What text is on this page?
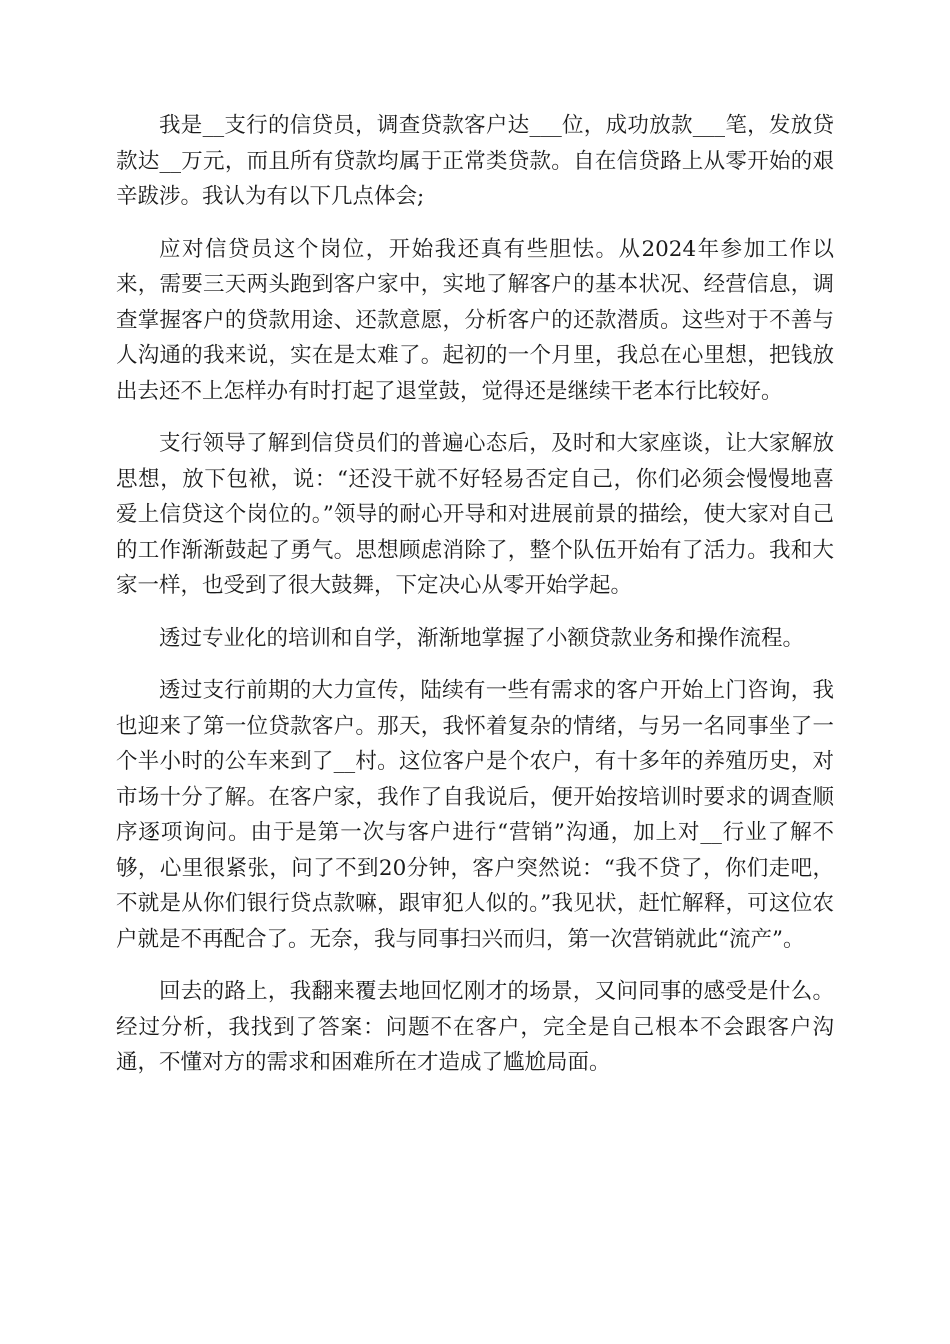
我是__支行的信贷员，调查贷款客户达___位，成功放款___笔，发放贷款达__万元，而且所有贷款均属于正常类贷款。自在信贷路上从零开始的艰辛跋涉。我认为有以下几点体会;

应对信贷员这个岗位，开始我还真有些胆怯。从2024年参加工作以来，需要三天两头跑到客户家中，实地了解客户的基本状况、经营信息，调查掌握客户的贷款用途、还款意愿，分析客户的还款潜质。这些对于不善与人沟通的我来说，实在是太难了。起初的一个月里，我总在心里想，把钱放出去还不上怎样办有时打起了退堂鼓，觉得还是继续干老本行比较好。

支行领导了解到信贷员们的普遍心态后，及时和大家座谈，让大家解放思想，放下包袱，说：“还没干就不好轻易否定自己，你们必须会慢慢地喜爱上信贷这个岗位的。”领导的耐心开导和对进展前景的描绘，使大家对自己的工作渐渐鼓起了勇气。思想顾虑消除了，整个队伍开始有了活力。我和大家一样，也受到了很大鼓舞，下定决心从零开始学起。

透过专业化的培训和自学，渐渐地掌握了小额贷款业务和操作流程。

透过支行前期的大力宣传，陆续有一些有需求的客户开始上门咨询，我也迎来了第一位贷款客户。那天，我怀着复杂的情绪，与另一名同事坐了一个半小时的公车来到了__村。这位客户是个农户，有十多年的养殖历史，对市场十分了解。在客户家，我作了自我说后，便开始按培训时要求的调查顺序逐项询问。由于是第一次与客户进行“营销”沟通，加上对__行业了解不够，心里很紧张，问了不到20分钟，客户突然说：“我不贷了，你们走吧，不就是从你们银行贷点款嘛，跟审犯人似的。”我见状，赶忙解释，可这位农户就是不再配合了。无奈，我与同事扫兴而归，第一次营销就此“流产”。

回去的路上，我翻来覆去地回忆刚才的场景，又问同事的感受是什么。经过分析，我找到了答案：问题不在客户，完全是自己根本不会跟客户沟通，不懂对方的需求和困难所在才造成了尴尬局面。
